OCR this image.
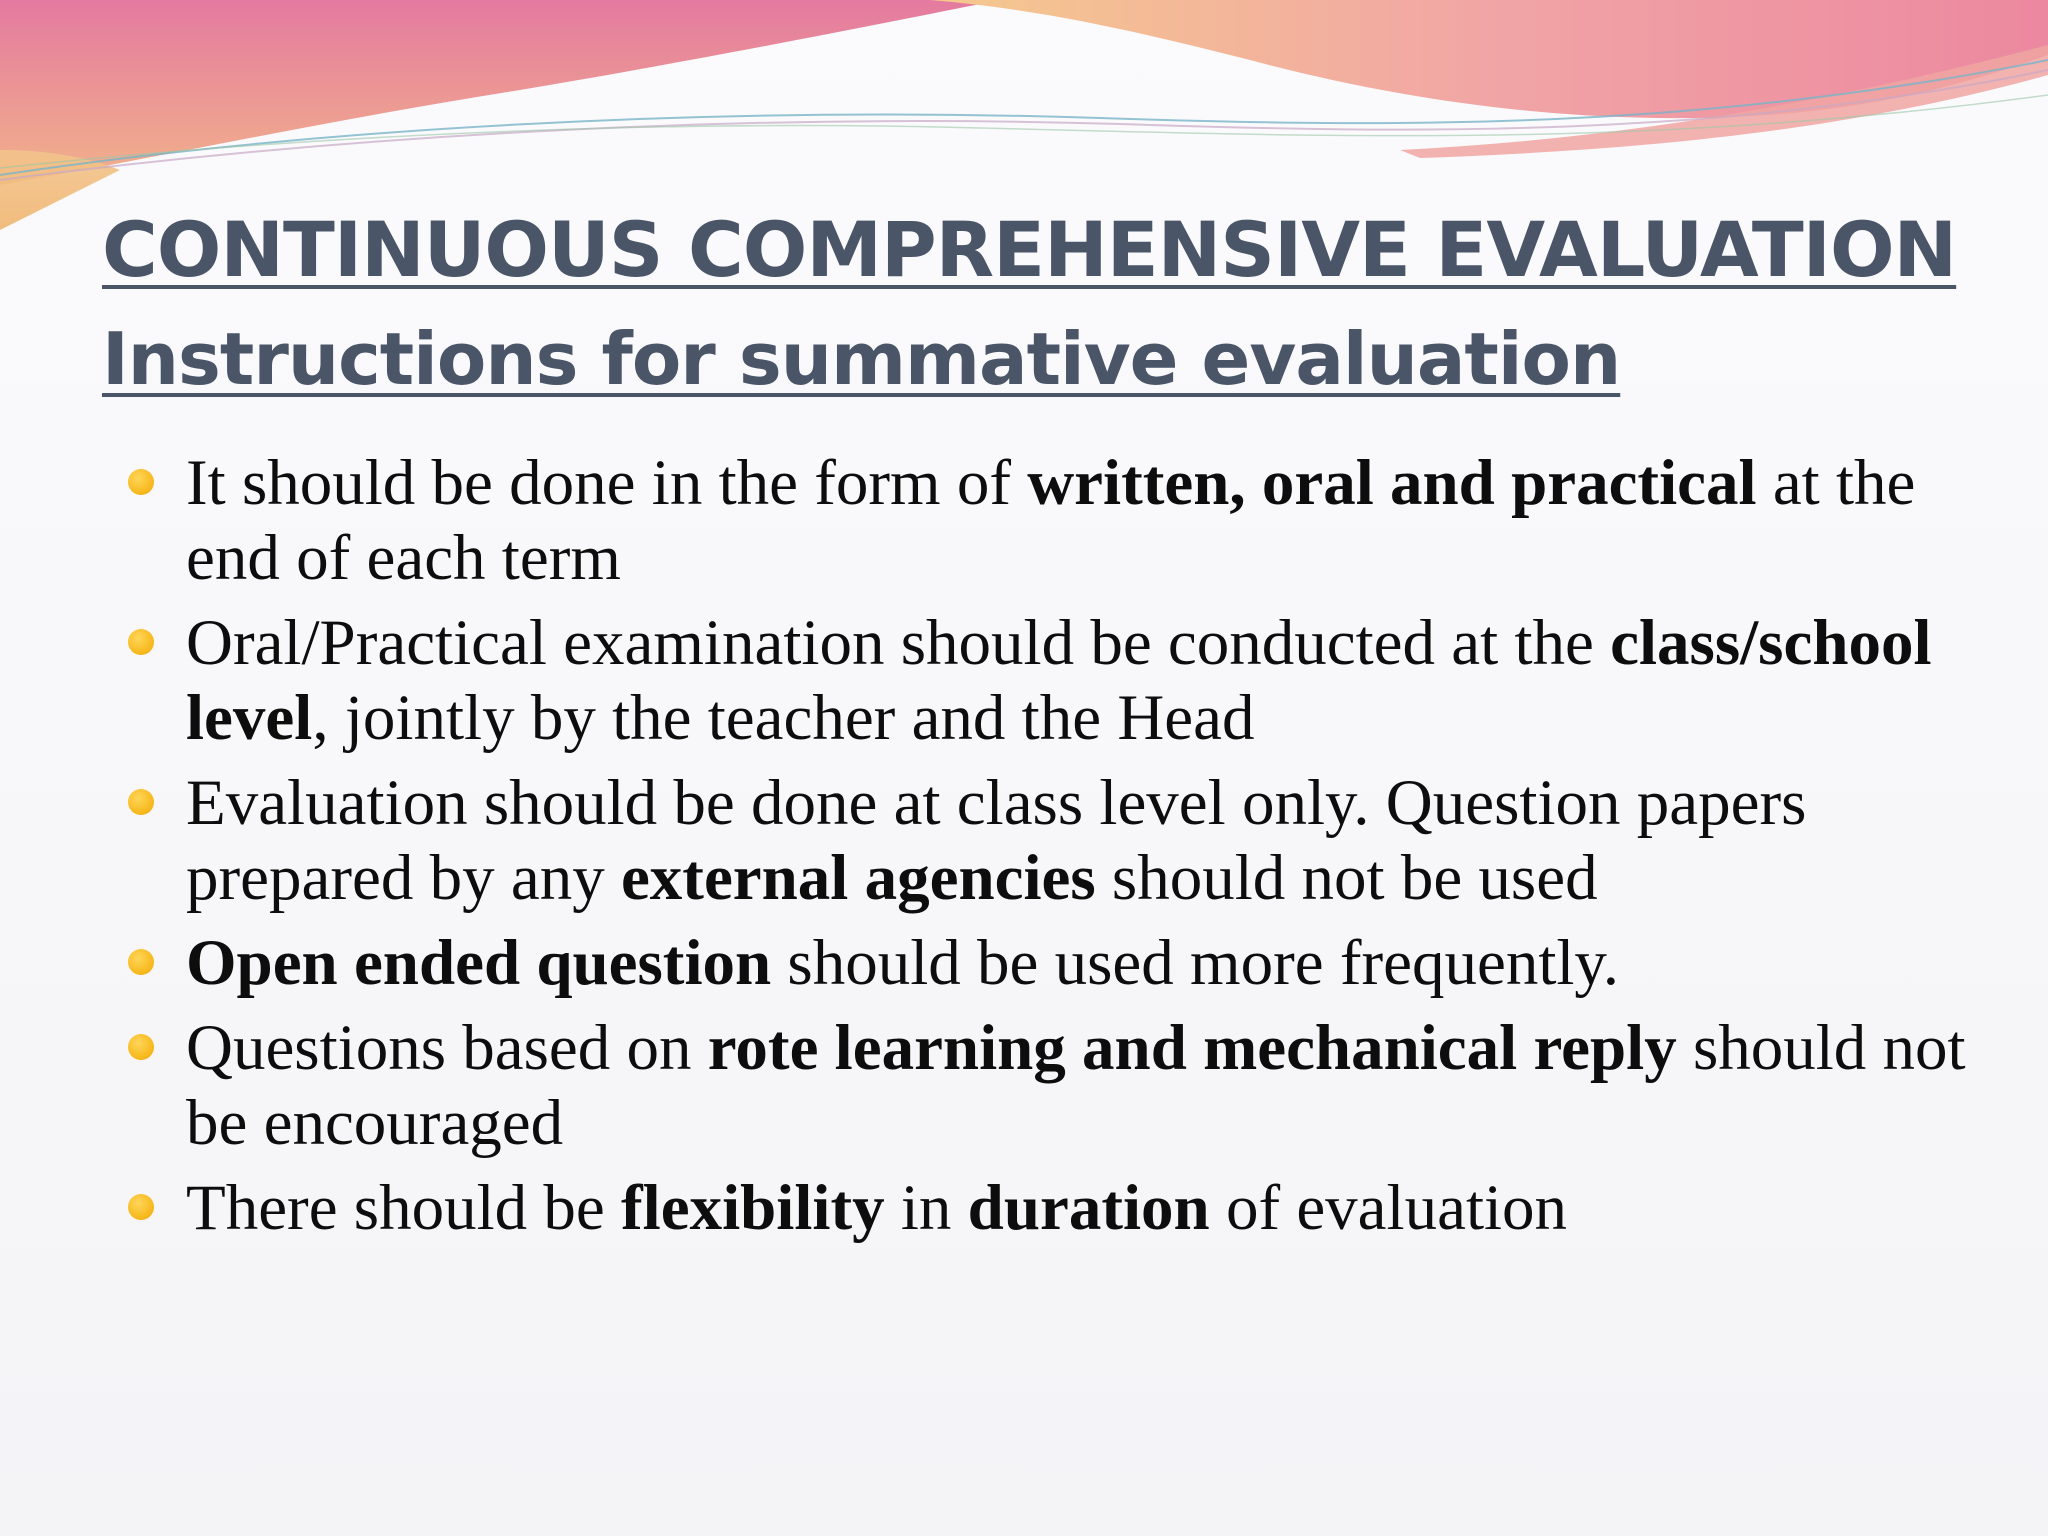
CONTINUOUS COMPREHENSIVE EVALUATION
Instructions for summative evaluation
It should be done in the form of written, oral and practical at the end of each term
Oral/Practical examination should be conducted at the class/school level, jointly by the teacher and the Head
Evaluation should be done at class level only. Question papers prepared by any external agencies should not be used
Open ended question should be used more frequently.
Questions based on rote learning and mechanical reply should not be encouraged
There should be flexibility in duration of evaluation
